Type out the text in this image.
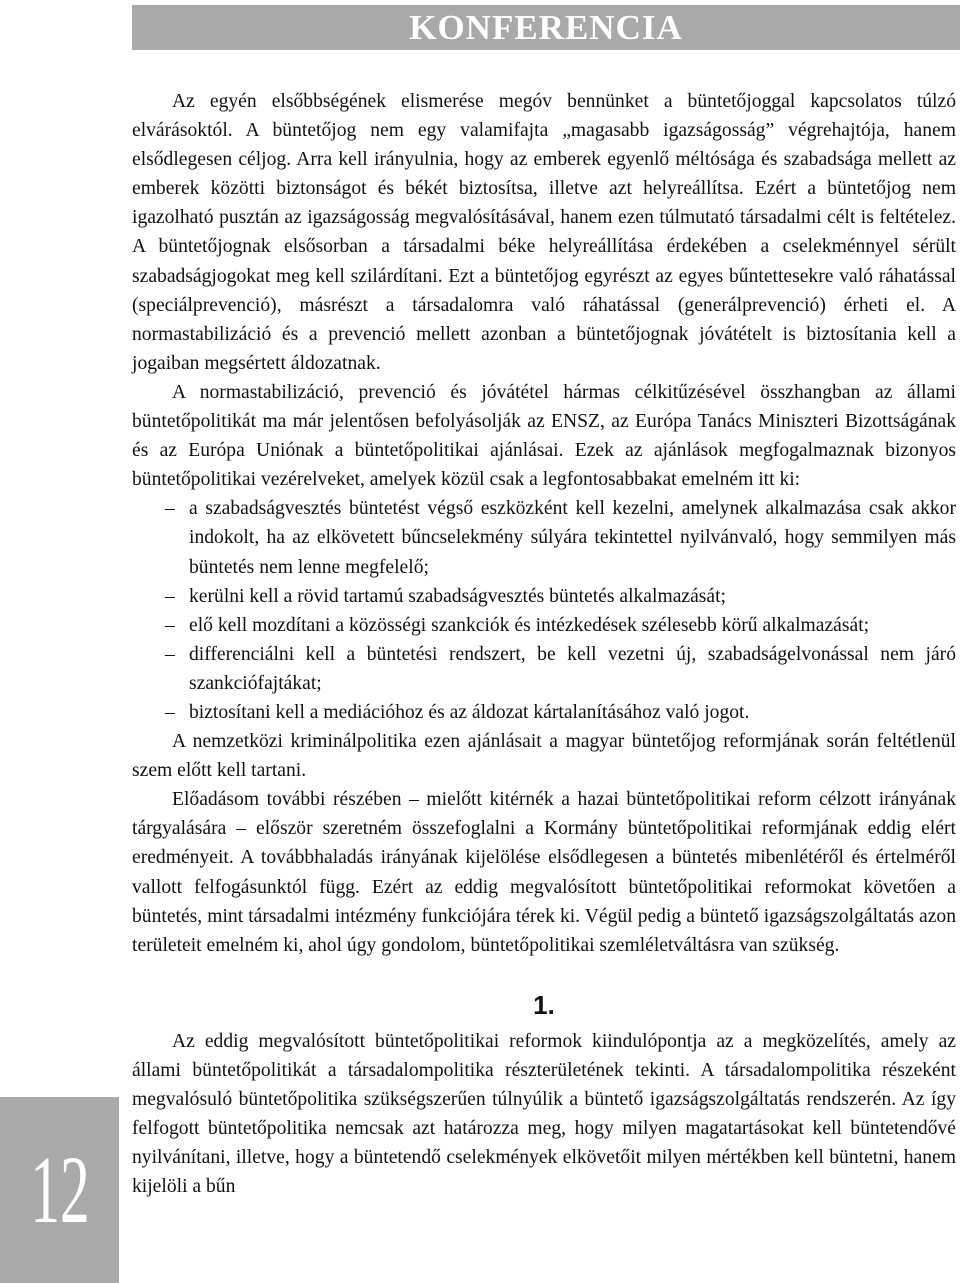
KONFERENCIA

Az egyén elsőbbségének elismerése megóv bennünket a büntetőjoggal kapcsolatos túlzó elvárásoktól. A büntetőjog nem egy valamifajta „magasabb igazságosság” végrehajtója, hanem elsődlegesen céljog. Arra kell irányulnia, hogy az emberek egyenlő méltósága és szabadsága mellett az emberek közötti biztonságot és békét biztosítsa, illetve azt helyreállítsa. Ezért a büntetőjog nem igazolható pusztán az igazságosság megvalósításával, hanem ezen túlmutató társadalmi célt is feltételez. A büntetőjognak elsősorban a társadalmi béke helyreállítása érdekében a cselekménnyel sérült szabadságjogokat meg kell szilárdítani. Ezt a büntetőjog egyrészt az egyes bűntettesekre való ráhatással (speciálprevenció), másrészt a társadalomra való ráhatással (generálprevenció) érheti el. A normastabilizáció és a prevenció mellett azonban a büntetőjognak jóvátételt is biztosítania kell a jogaiban megsértett áldozatnak.

A normastabilizáció, prevenció és jóvátétel hármas célkitűzésével összhangban az állami büntetőpolitikát ma már jelentősen befolyásolják az ENSZ, az Európa Tanács Miniszteri Bizottságának és az Európa Uniónak a büntetőpolitikai ajánlásai. Ezek az ajánlások megfogalmaznak bizonyos büntetőpolitikai vezérelveket, amelyek közül csak a legfontosabbakat emelném itt ki:

– a szabadságvesztés büntetést végső eszközként kell kezelni, amelynek alkalmazása csak akkor indokolt, ha az elkövetett bűncselekmény súlyára tekintettel nyilvánvaló, hogy semmilyen más büntetés nem lenne megfelelő;
– kerülni kell a rövid tartamú szabadságvesztés büntetés alkalmazását;
– elő kell mozdítani a közösségi szankciók és intézkedések szélesebb körű alkalmazását;
– differenciálni kell a büntetési rendszert, be kell vezetni új, szabadságelvonással nem járó szankciófajtákat;
– biztosítani kell a mediációhoz és az áldozat kártalanításához való jogot.

A nemzetközi kriminálpolitika ezen ajánlásait a magyar büntetőjog reformjának során feltétlenül szem előtt kell tartani.

Előadásom további részében – mielőtt kitérnék a hazai büntetőpolitikai reform célzott irányának tárgyalására – először szeretném összefoglalni a Kormány büntetőpolitikai reformjának eddig elért eredményeit. A továbbhaladás irányának kijelölése elsődlegesen a büntetés mibenlétéről és értelméről vallott felfogásunktól függ. Ezért az eddig megvalósított büntetőpolitikai reformokat követően a büntetés, mint társadalmi intézmény funkciójára térek ki. Végül pedig a büntető igazságszolgáltatás azon területeit emelném ki, ahol úgy gondolom, büntetőpolitikai szemléletváltásra van szükség.

1.

Az eddig megvalósított büntetőpolitikai reformok kiindulópontja az a megközelítés, amely az állami büntetőpolitikát a társadalompolitika részterületének tekinti. A társadalompolitika részeként megvalósuló büntetőpolitika szükségszerűen túlnyúlik a büntető igazságszolgáltatás rendszerén. Az így felfogott büntetőpolitika nemcsak azt határozza meg, hogy milyen magatartásokat kell büntetendővé nyilvánítani, illetve, hogy a büntetendő cselekmények elkövetőit milyen mértékben kell büntetni, hanem kijelöli a bűn

12
